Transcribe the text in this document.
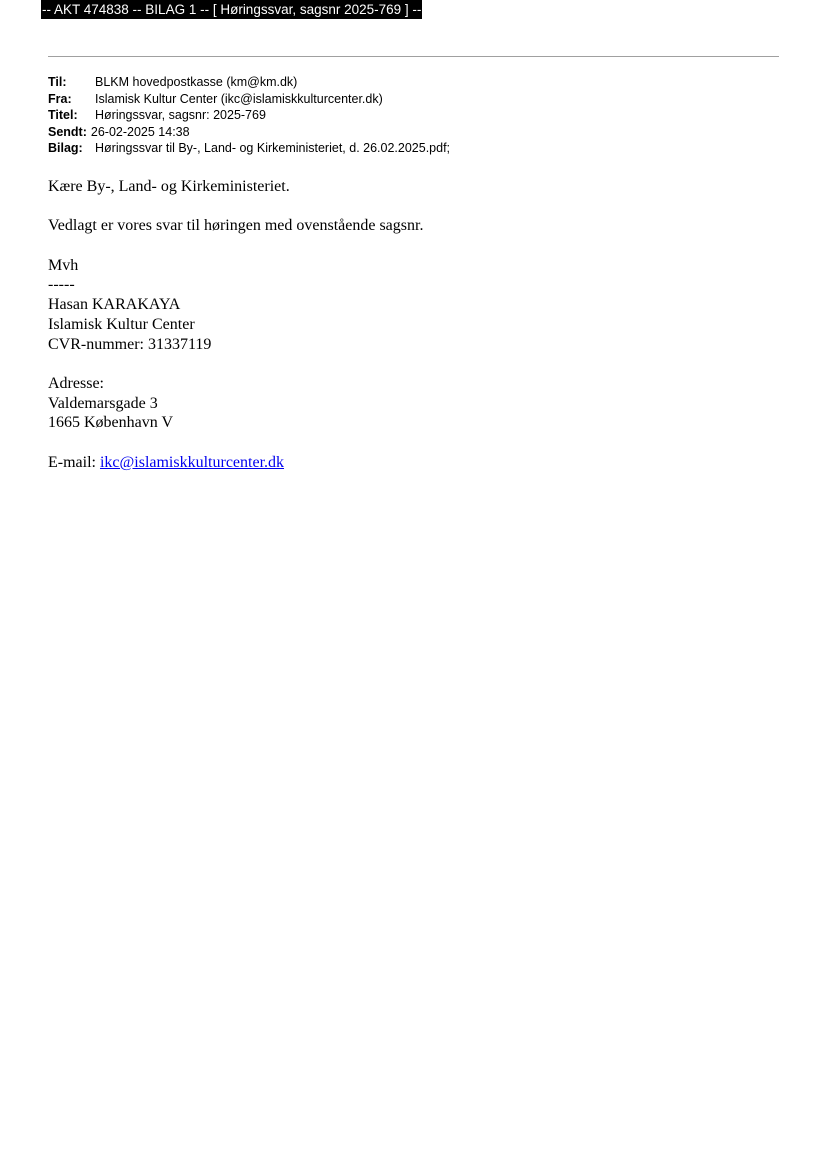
-- AKT 474838 -- BILAG 1 -- [ Høringssvar, sagsnr 2025-769 ] --
Til:	BLKM hovedpostkasse (km@km.dk)
Fra:	Islamisk Kultur Center (ikc@islamiskkulturcenter.dk)
Titel:	Høringssvar, sagsnr: 2025-769
Sendt: 26-02-2025 14:38
Bilag: Høringssvar til By-, Land- og Kirkeministeriet, d. 26.02.2025.pdf;

Kære By-, Land- og Kirkeministeriet.

Vedlagt er vores svar til høringen med ovenstående sagsnr.

Mvh

-----

Hasan KARAKAYA

Islamisk Kultur Center

CVR-nummer: 31337119

Adresse:

Valdemarsgade 3

1665 København V

E-mail: ikc@islamiskkulturcenter.dk
